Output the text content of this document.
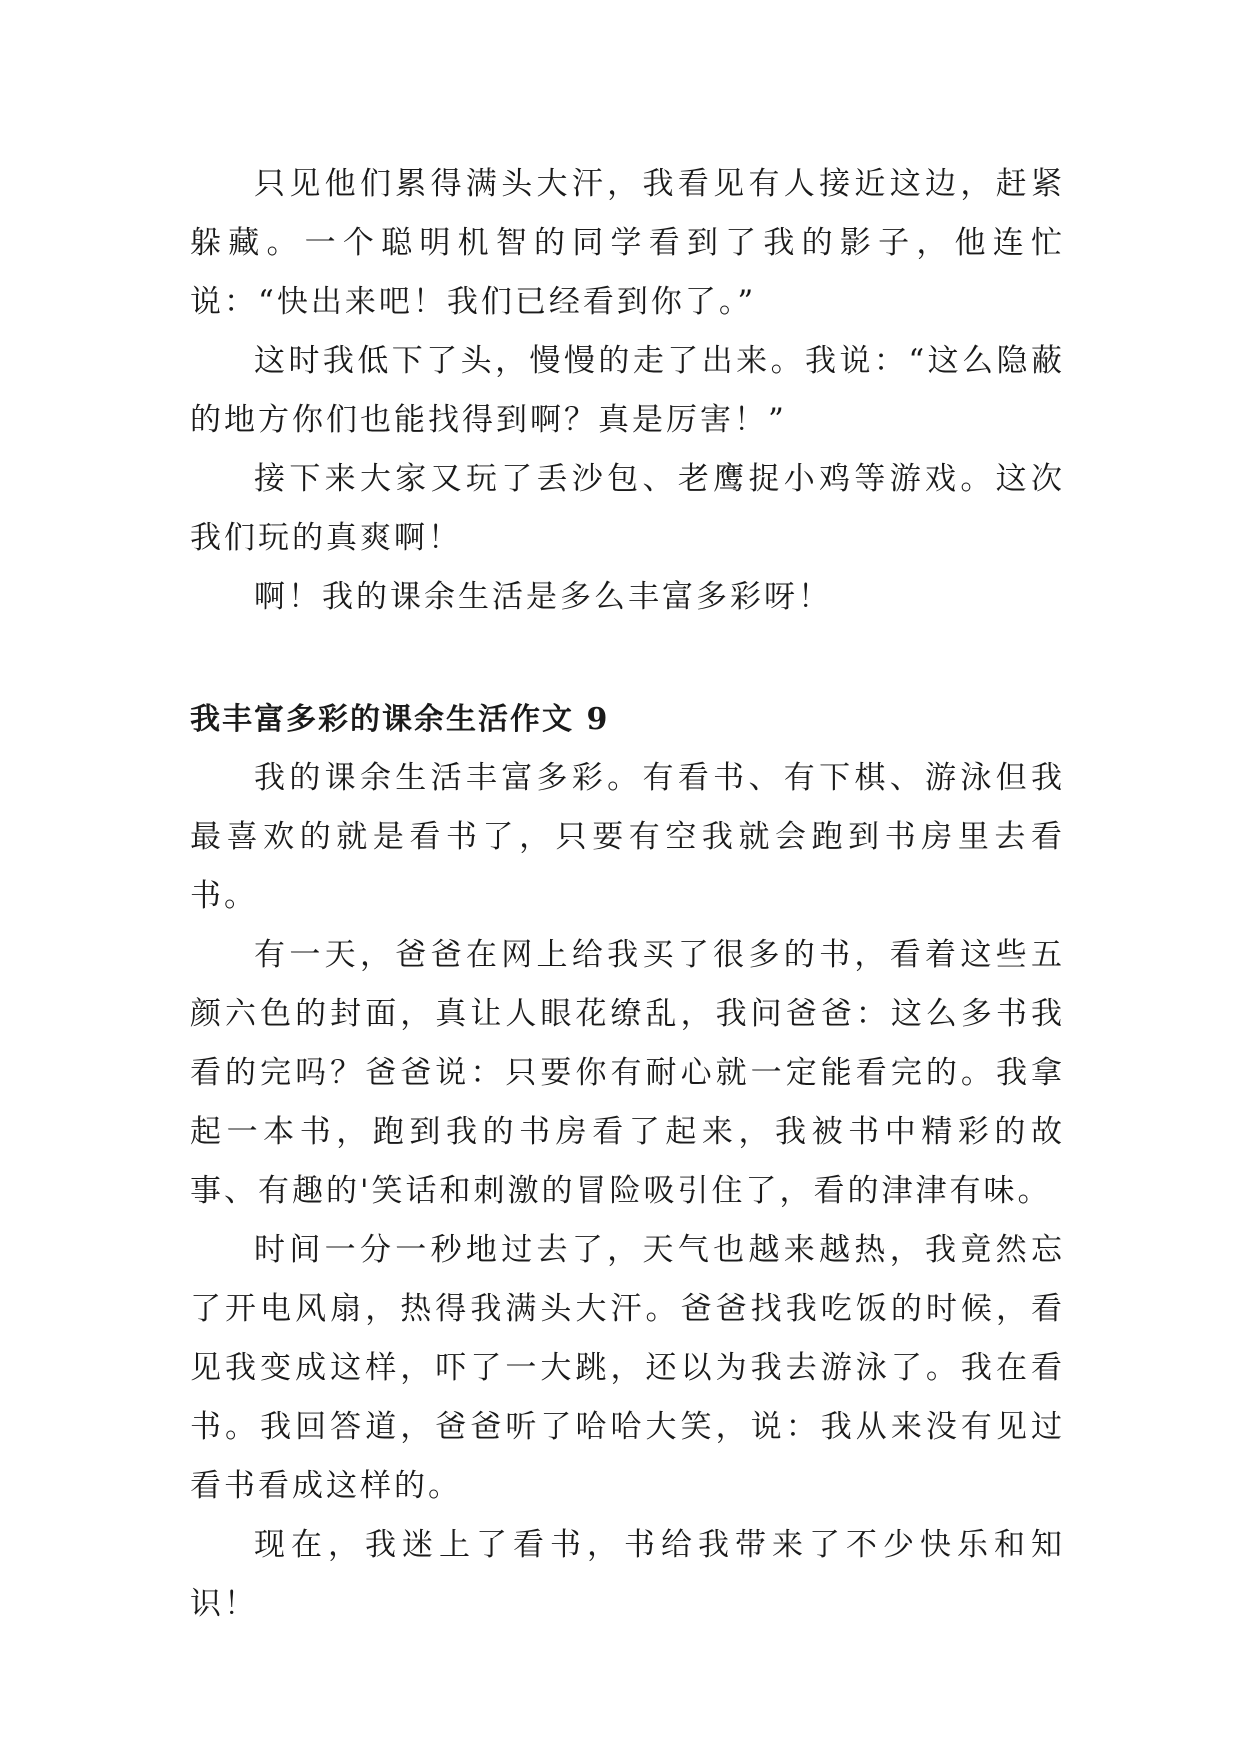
只见他们累得满头大汗，我看见有人接近这边，赶紧躲藏。一个聪明机智的同学看到了我的影子，他连忙说：“快出来吧！我们已经看到你了。”

这时我低下了头，慢慢的走了出来。我说：“这么隐蔽的地方你们也能找得到啊？真是厉害！”

接下来大家又玩了丢沙包、老鹰捉小鸡等游戏。这次我们玩的真爽啊！

啊！我的课余生活是多么丰富多彩呀！

我丰富多彩的课余生活作文 9

我的课余生活丰富多彩。有看书、有下棋、游泳但我最喜欢的就是看书了，只要有空我就会跑到书房里去看书。

有一天，爸爸在网上给我买了很多的书，看着这些五颜六色的封面，真让人眼花缭乱，我问爸爸：这么多书我看的完吗？爸爸说：只要你有耐心就一定能看完的。我拿起一本书，跑到我的书房看了起来，我被书中精彩的故事、有趣的'笑话和刺激的冒险吸引住了，看的津津有味。

时间一分一秒地过去了，天气也越来越热，我竟然忘了开电风扇，热得我满头大汗。爸爸找我吃饭的时候，看见我变成这样，吓了一大跳，还以为我去游泳了。我在看书。我回答道，爸爸听了哈哈大笑，说：我从来没有见过看书看成这样的。

现在，我迷上了看书，书给我带来了不少快乐和知识！
